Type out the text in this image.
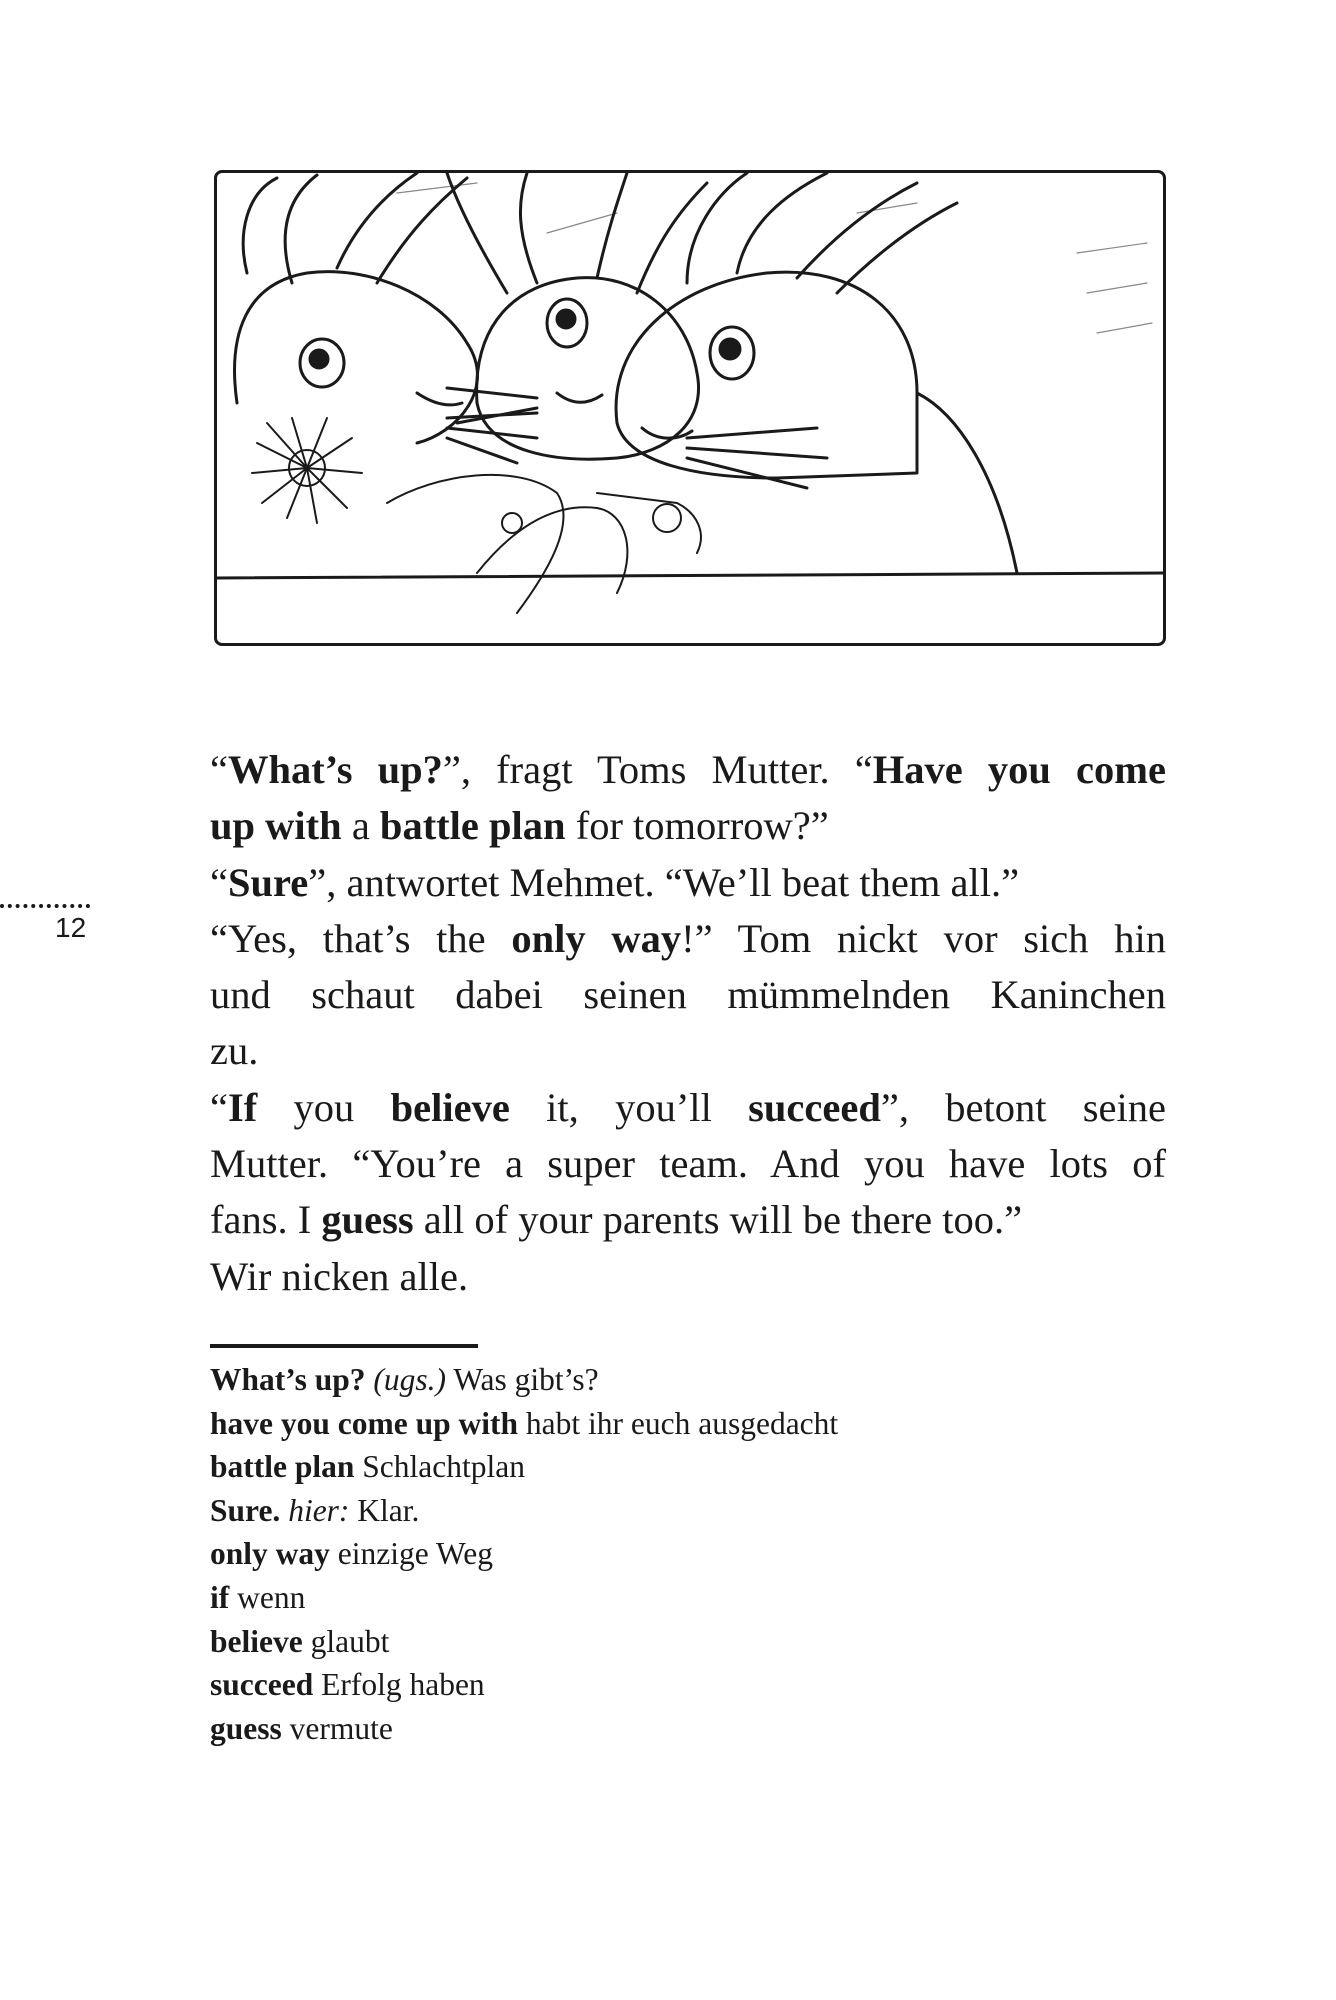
12
“What’s up?”, fragt Toms Mutter. “Have you come
up with a battle plan for tomorrow?”
“Sure”, antwortet Mehmet. “We’ll beat them all.”
“Yes, that’s the only way!” Tom nickt vor sich hin
und schaut dabei seinen mümmelnden Kaninchen
zu.
“If you believe it, you’ll succeed”, betont seine
Mutter. “You’re a super team. And you have lots of
fans. I guess all of your parents will be there too.”
Wir nicken alle.
What’s up? (ugs.) Was gibt’s?
have you come up with habt ihr euch ausgedacht
battle plan Schlachtplan
Sure. hier: Klar.
only way einzige Weg
if wenn
believe glaubt
succeed Erfolg haben
guess vermute
